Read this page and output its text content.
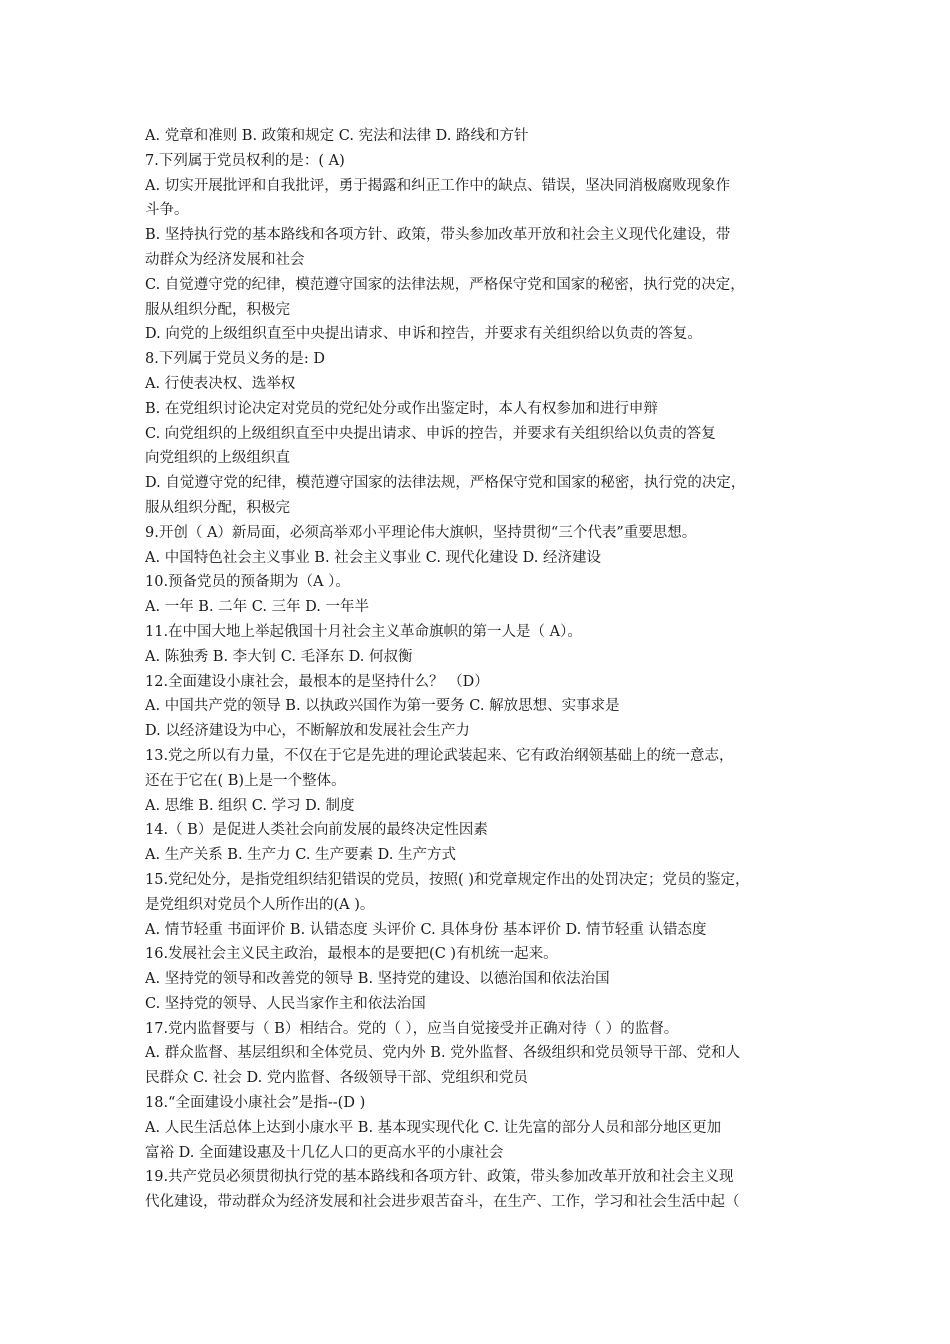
A. 党章和准则 B. 政策和规定 C. 宪法和法律 D. 路线和方针
7.下列属于党员权利的是：( A)
A. 切实开展批评和自我批评，勇于揭露和纠正工作中的缺点、错误，坚决同消极腐败现象作
斗争。
B. 坚持执行党的基本路线和各项方针、政策，带头参加改革开放和社会主义现代化建设，带
动群众为经济发展和社会
C. 自觉遵守党的纪律，模范遵守国家的法律法规，严格保守党和国家的秘密，执行党的决定，
服从组织分配，积极完
D. 向党的上级组织直至中央提出请求、申诉和控告，并要求有关组织给以负责的答复。
8.下列属于党员义务的是: D
A. 行使表决权、选举权
B. 在党组织讨论决定对党员的党纪处分或作出鉴定时，本人有权参加和进行申辩
C. 向党组织的上级组织直至中央提出请求、申诉的控告，并要求有关组织给以负责的答复
向党组织的上级组织直
D. 自觉遵守党的纪律，模范遵守国家的法律法规，严格保守党和国家的秘密，执行党的决定，
服从组织分配，积极完
9.开创（ A）新局面，必须高举邓小平理论伟大旗帜，坚持贯彻“三个代表”重要思想。
A. 中国特色社会主义事业 B. 社会主义事业 C. 现代化建设 D. 经济建设
10.预备党员的预备期为（A ）。
A. 一年 B. 二年 C. 三年 D. 一年半
11.在中国大地上举起俄国十月社会主义革命旗帜的第一人是（ A）。
A. 陈独秀 B. 李大钊 C. 毛泽东 D. 何叔衡
12.全面建设小康社会，最根本的是坚持什么？ （D）
A. 中国共产党的领导 B. 以执政兴国作为第一要务 C. 解放思想、实事求是
D. 以经济建设为中心，不断解放和发展社会生产力
13.党之所以有力量，不仅在于它是先进的理论武装起来、它有政治纲领基础上的统一意志，
还在于它在( B)上是一个整体。
A. 思维 B. 组织 C. 学习 D. 制度
14.（ B）是促进人类社会向前发展的最终决定性因素
A. 生产关系 B. 生产力 C. 生产要素 D. 生产方式
15.党纪处分，是指党组织结犯错误的党员，按照( )和党章规定作出的处罚决定；党员的鉴定，
是党组织对党员个人所作出的(A )。
A. 情节轻重 书面评价 B. 认错态度 头评价 C. 具体身份 基本评价 D. 情节轻重 认错态度
16.发展社会主义民主政治，最根本的是要把(C )有机统一起来。
A. 坚持党的领导和改善党的领导 B. 坚持党的建设、以德治国和依法治国
C. 坚持党的领导、人民当家作主和依法治国
17.党内监督要与（ B）相结合。党的（ ），应当自觉接受并正确对待（ ）的监督。
A. 群众监督、基层组织和全体党员、党内外 B. 党外监督、各级组织和党员领导干部、党和人
民群众 C. 社会 D. 党内监督、各级领导干部、党组织和党员
18.“全面建设小康社会”是指--(D )
A. 人民生活总体上达到小康水平 B. 基本现实现代化 C. 让先富的部分人员和部分地区更加
富裕 D. 全面建设惠及十几亿人口的更高水平的小康社会
19.共产党员必须贯彻执行党的基本路线和各项方针、政策，带头参加改革开放和社会主义现
代化建设，带动群众为经济发展和社会进步艰苦奋斗，在生产、工作，学习和社会生活中起（
